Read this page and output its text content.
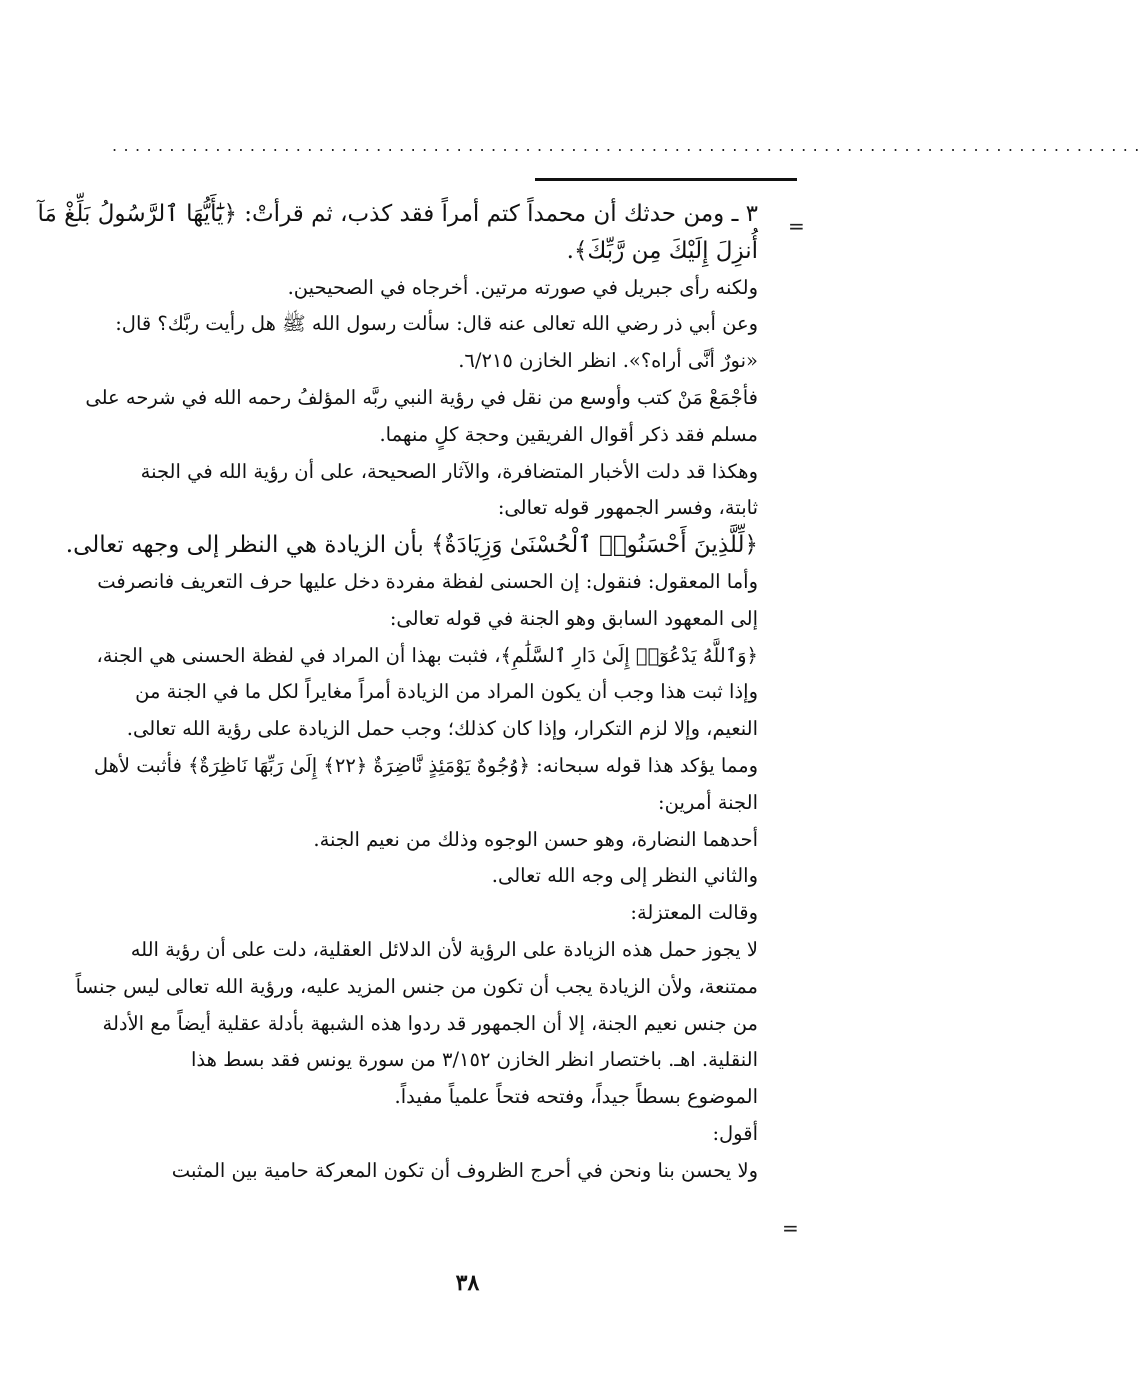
..........................................................................................
=
=
٣ ـ ومن حدثك أن محمداً كتم أمراً فقد كذب، ثم قرأتْ: ﴿يَٰٓأَيُّهَا ٱلرَّسُولُ بَلِّغْ مَآ
أُنزِلَ إِلَيْكَ مِن رَّبِّكَ﴾.
ولكنه رأى جبريل في صورته مرتين. أخرجاه في الصحيحين.
وعن أبي ذر رضي الله تعالى عنه قال: سألت رسول الله ﷺ هل رأيت ربَّك؟ قال:
«نورٌ أنَّى أراه؟». انظر الخازن ٦/٢١٥.
فأجْمَعْ مَنْ كتب وأوسع من نقل في رؤية النبي ربَّه المؤلفُ رحمه الله في شرحه على
مسلم فقد ذكر أقوال الفريقين وحجة كلٍ منهما.
وهكذا قد دلت الأخبار المتضافرة، والآثار الصحيحة، على أن رؤية الله في الجنة
ثابتة، وفسر الجمهور قوله تعالى:
﴿لِّلَّذِينَ أَحْسَنُوا۟ ٱلْحُسْنَىٰ وَزِيَادَةٌ﴾ بأن الزيادة هي النظر إلى وجهه تعالى.
وأما المعقول: فنقول: إن الحسنى لفظة مفردة دخل عليها حرف التعريف فانصرفت
إلى المعهود السابق وهو الجنة في قوله تعالى:
﴿وَٱللَّهُ يَدْعُوٓا۟ إِلَىٰ دَارِ ٱلسَّلَٰمِ﴾، فثبت بهذا أن المراد في لفظة الحسنى هي الجنة،
وإذا ثبت هذا وجب أن يكون المراد من الزيادة أمراً مغايراً لكل ما في الجنة من
النعيم، وإلا لزم التكرار، وإذا كان كذلك؛ وجب حمل الزيادة على رؤية الله تعالى.
ومما يؤكد هذا قوله سبحانه: ﴿وُجُوهٌ يَوْمَئِذٍ نَّاضِرَةٌ ﴿٢٢﴾ إِلَىٰ رَبِّهَا نَاظِرَةٌ﴾ فأثبت لأهل
الجنة أمرين:
أحدهما النضارة، وهو حسن الوجوه وذلك من نعيم الجنة.
والثاني النظر إلى وجه الله تعالى.
وقالت المعتزلة:
لا يجوز حمل هذه الزيادة على الرؤية لأن الدلائل العقلية، دلت على أن رؤية الله
ممتنعة، ولأن الزيادة يجب أن تكون من جنس المزيد عليه، ورؤية الله تعالى ليس جنساً
من جنس نعيم الجنة، إلا أن الجمهور قد ردوا هذه الشبهة بأدلة عقلية أيضاً مع الأدلة
النقلية. اهـ. باختصار انظر الخازن ٣/١٥٢ من سورة يونس فقد بسط هذا
الموضوع بسطاً جيداً، وفتحه فتحاً علمياً مفيداً.
أقول:
ولا يحسن بنا ونحن في أحرج الظروف أن تكون المعركة حامية بين المثبت
٣٨
